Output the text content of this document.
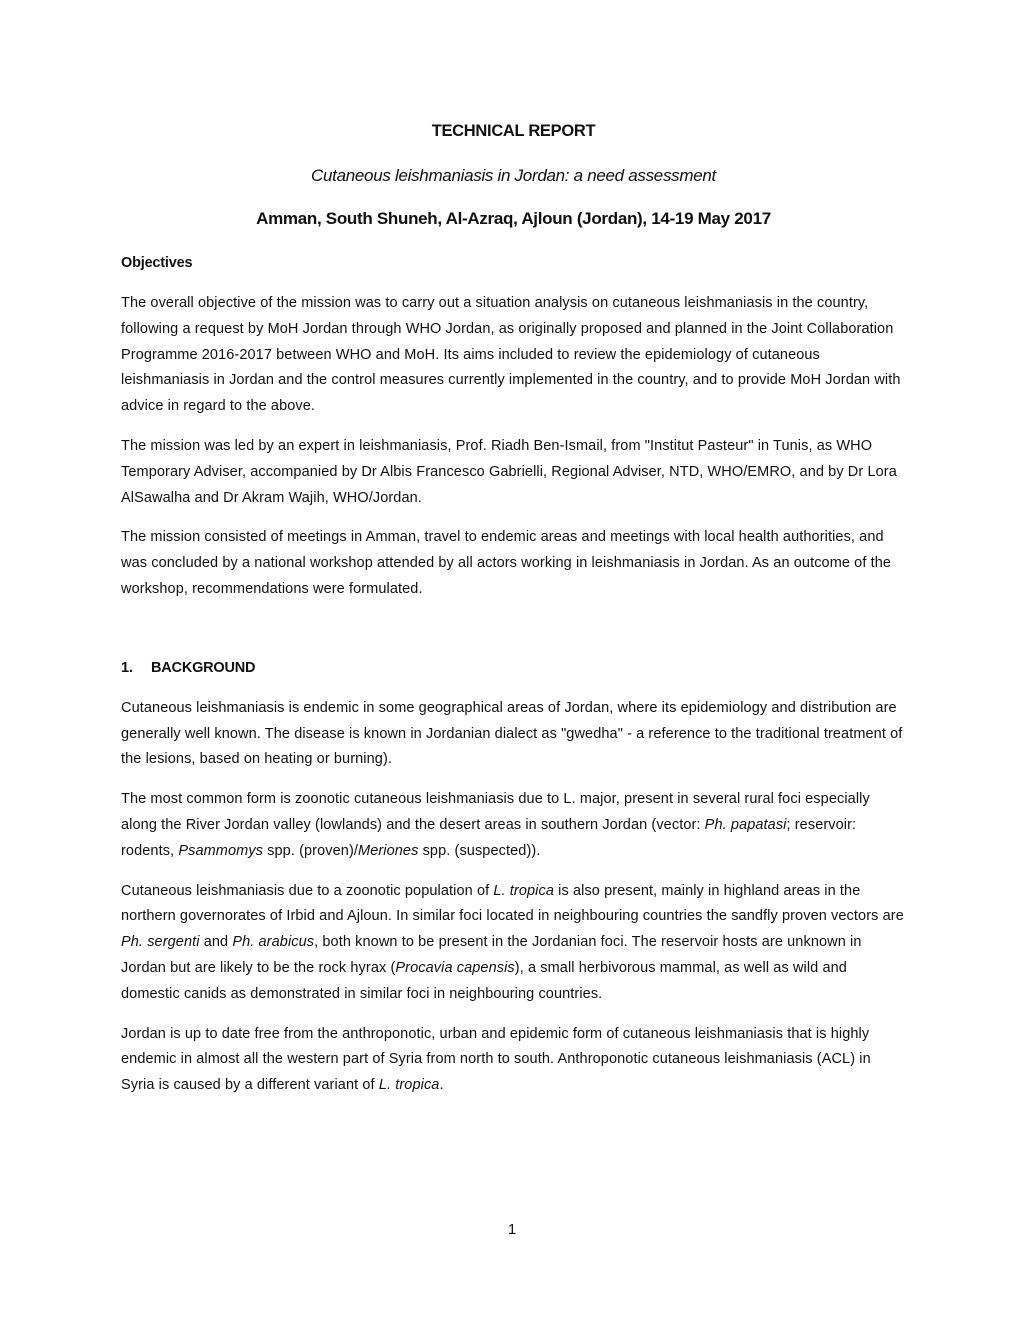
TECHNICAL REPORT
Cutaneous leishmaniasis in Jordan: a need assessment
Amman, South Shuneh, Al-Azraq, Ajloun (Jordan), 14-19 May 2017
Objectives

The overall objective of the mission was to carry out a situation analysis on cutaneous leishmaniasis in the country, following a request by MoH Jordan through WHO Jordan, as originally proposed and planned in the Joint Collaboration Programme 2016-2017 between WHO and MoH. Its aims included to review the epidemiology of cutaneous leishmaniasis in Jordan and the control measures currently implemented in the country, and to provide MoH Jordan with advice in regard to the above.

The mission was led by an expert in leishmaniasis, Prof. Riadh Ben-Ismail, from "Institut Pasteur" in Tunis, as WHO Temporary Adviser, accompanied by Dr Albis Francesco Gabrielli, Regional Adviser, NTD, WHO/EMRO, and by Dr Lora AlSawalha and Dr Akram Wajih, WHO/Jordan.

The mission consisted of meetings in Amman, travel to endemic areas and meetings with local health authorities, and was concluded by a national workshop attended by all actors working in leishmaniasis in Jordan. As an outcome of the workshop, recommendations were formulated.

1. BACKGROUND

Cutaneous leishmaniasis is endemic in some geographical areas of Jordan, where its epidemiology and distribution are generally well known. The disease is known in Jordanian dialect as "gwedha" - a reference to the traditional treatment of the lesions, based on heating or burning).

The most common form is zoonotic cutaneous leishmaniasis due to L. major, present in several rural foci especially along the River Jordan valley (lowlands) and the desert areas in southern Jordan (vector: Ph. papatasi; reservoir: rodents, Psammomys spp. (proven)/Meriones spp. (suspected)).

Cutaneous leishmaniasis due to a zoonotic population of L. tropica is also present, mainly in highland areas in the northern governorates of Irbid and Ajloun. In similar foci located in neighbouring countries the sandfly proven vectors are Ph. sergenti and Ph. arabicus, both known to be present in the Jordanian foci. The reservoir hosts are unknown in Jordan but are likely to be the rock hyrax (Procavia capensis), a small herbivorous mammal, as well as wild and domestic canids as demonstrated in similar foci in neighbouring countries.

Jordan is up to date free from the anthroponotic, urban and epidemic form of cutaneous leishmaniasis that is highly endemic in almost all the western part of Syria from north to south. Anthroponotic cutaneous leishmaniasis (ACL) in Syria is caused by a different variant of L. tropica.

1
